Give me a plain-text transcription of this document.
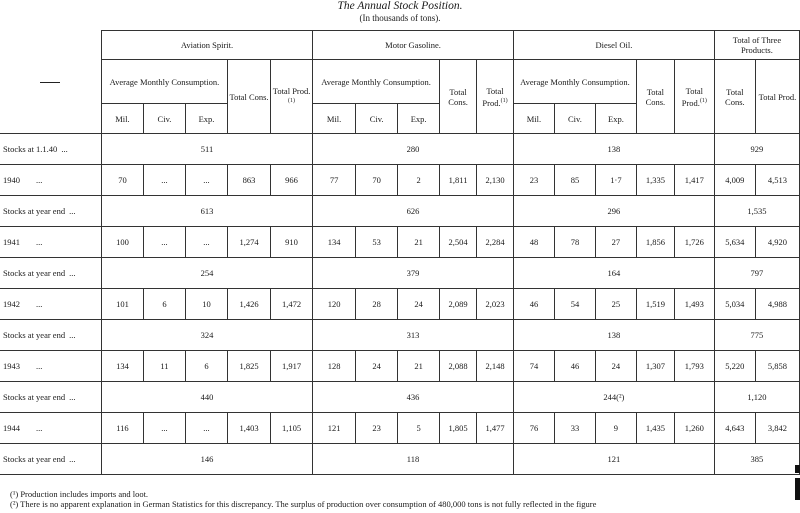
The Annual Stock Position.
(In thousands of tons).
	Aviation Spirit.					Motor Gasoline.					Diesel Oil.					Total of Three Products.	
	Average Monthly Consumption.			Total Cons.	Total Prod.$^{(1)}$	Average Monthly Consumption.			Total Cons.	Total Prod.$^{(1)}$	Average Monthly Consumption.			Total Cons.	Total Prod.$^{(1)}$	Total Cons.	Total Prod.
	Mil.	Civ.	Exp.			Mil.	Civ.	Exp.			Mil.	Civ.	Exp.				
Stocks at 1.1.40 ...	511					280					138					929	
1940 ...	70	...	...	863	966	77	70	2	1,811	2,130	23	85	1·7	1,335	1,417	4,009	4,513
Stocks at year end ...	613					626					296					1,535	
1941 ...	100	...	...	1,274	910	134	53	21	2,504	2,284	48	78	27	1,856	1,726	5,634	4,920
Stocks at year end ...	254					379					164					797	
1942 ...	101	6	10	1,426	1,472	120	28	24	2,089	2,023	46	54	25	1,519	1,493	5,034	4,988
Stocks at year end ...	324					313					138					775	
1943 ...	134	11	6	1,825	1,917	128	24	21	2,088	2,148	74	46	24	1,307	1,793	5,220	5,858
Stocks at year end ...	440					436					244(²)					1,120	
1944 ...	116	...	...	1,403	1,105	121	23	5	1,805	1,477	76	33	9	1,435	1,260	4,643	3,842
Stocks at year end ...	146					118					121					385	
(¹) Production includes imports and loot.
(²) There is no apparent explanation in German Statistics for this discrepancy. The surplus of production over consumption of 480,000 tons is not fully reflected in the figure
